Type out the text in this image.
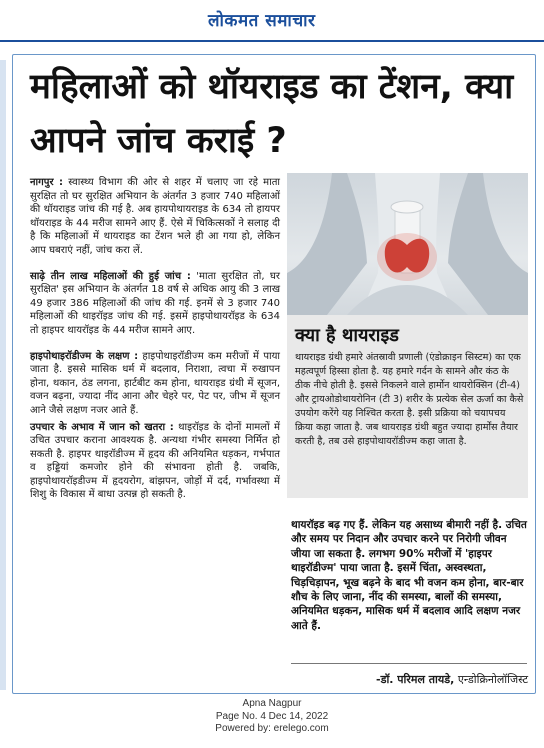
लोकमत समाचार
महिलाओं को थॉयराइड का टेंशन, क्या आपने जांच कराई ?

नागपुर : स्वास्थ्य विभाग की ओर से शहर में चलाए जा रहे माता सुरक्षित तो घर सुरक्षित अभियान के अंतर्गत 3 हजार 740 महिलाओं की थॉयराइड जांच की गई है. अब हायपोथायराइड के 634 तो हायपर थॉयराइड के 44 मरीज सामने आए हैं. ऐसे में चिकित्सकों ने सलाह दी है कि महिलाओं में थायराइड का टेंशन भले ही आ गया हो, लेकिन आप घबराएं नहीं, जांच करा लें.

साढ़े तीन लाख महिलाओं की हुई जांच : 'माता सुरक्षित तो, घर सुरक्षित' इस अभियान के अंतर्गत 18 वर्ष से अधिक आयु की 3 लाख 49 हजार 386 महिलाओं की जांच की गई. इनमें से 3 हजार 740 महिलाओं की थाइरॉइड जांच की गई. इसमें हाइपोथायरॉइड के 634 तो हाइपर थायरॉइड के 44 मरीज सामने आए.

हाइपोथाइरॉडीज्म के लक्षण : हाइपोथाइरॉडीज्म कम मरीजों में पाया जाता है. इससे मासिक धर्म में बदलाव, निराशा, त्वचा में रुखापन होना, थकान, ठंड लगना, हार्टबीट कम होना, थायराइड ग्रंथी में सूजन, वजन बढ़ना, ज्यादा नींद आना और चेहरे पर, पेट पर, जीभ में सूजन आने जैसे लक्षण नजर आते हैं.

उपचार के अभाव में जान को खतरा : थाइरॉइड के दोनों मामलों में उचित उपचार कराना आवश्यक है. अन्यथा गंभीर समस्या निर्मित हो सकती है. हाइपर थाइरॉडीज्म में हृदय की अनियमित धड़कन, गर्भपात व हड्डियां कमजोर होने की संभावना होती है. जबकि, हाइपोथायरॉइडीज्म में हृदयरोग, बांझपन, जोड़ों में दर्द, गर्भावस्था में शिशु के विकास में बाधा उत्पन्न हो सकती है.

क्या है थायराइड

थायराइड ग्रंथी हमारे अंतस्रावी प्रणाली (एंडोक्राइन सिस्टम) का एक महत्वपूर्ण हिस्सा होता है. यह हमारे गर्दन के सामने और कंठ के ठीक नीचे होती है. इससे निकलने वाले हार्मोन थायरोक्सिन (टी-4) और ट्रायओडोथायरोनिन (टी 3) शरीर के प्रत्येक सेल ऊर्जा का कैसे उपयोग करेंगे यह निश्चित करता है. इसी प्रक्रिया को चयापचय क्रिया कहा जाता है. जब थायराइड ग्रंथी बहुत ज्यादा हार्मोंस तैयार करती है, तब उसे हाइपोथायरॉडीज्म कहा जाता है.

थायरॉइड बढ़ गए हैं. लेकिन यह असाध्य बीमारी नहीं है. उचित और समय पर निदान और उपचार करने पर निरोगी जीवन जीया जा सकता है. लगभग 90% मरीजों में 'हाइपर थाइरॉडीज्म' पाया जाता है. इसमें चिंता, अस्वस्थता, चिड़चिड़ापन, भूख बढ़ने के बाद भी वजन कम होना, बार-बार शौच के लिए जाना, नींद की समस्या, बालों की समस्या, अनियमित धड़कन, मासिक धर्म में बदलाव आदि लक्षण नजर आते हैं.

-डॉ. परिमल तायडे, एन्डोक्रिनोलॉजिस्ट
Apna Nagpur
Page No. 4 Dec 14, 2022
Powered by: erelego.com
